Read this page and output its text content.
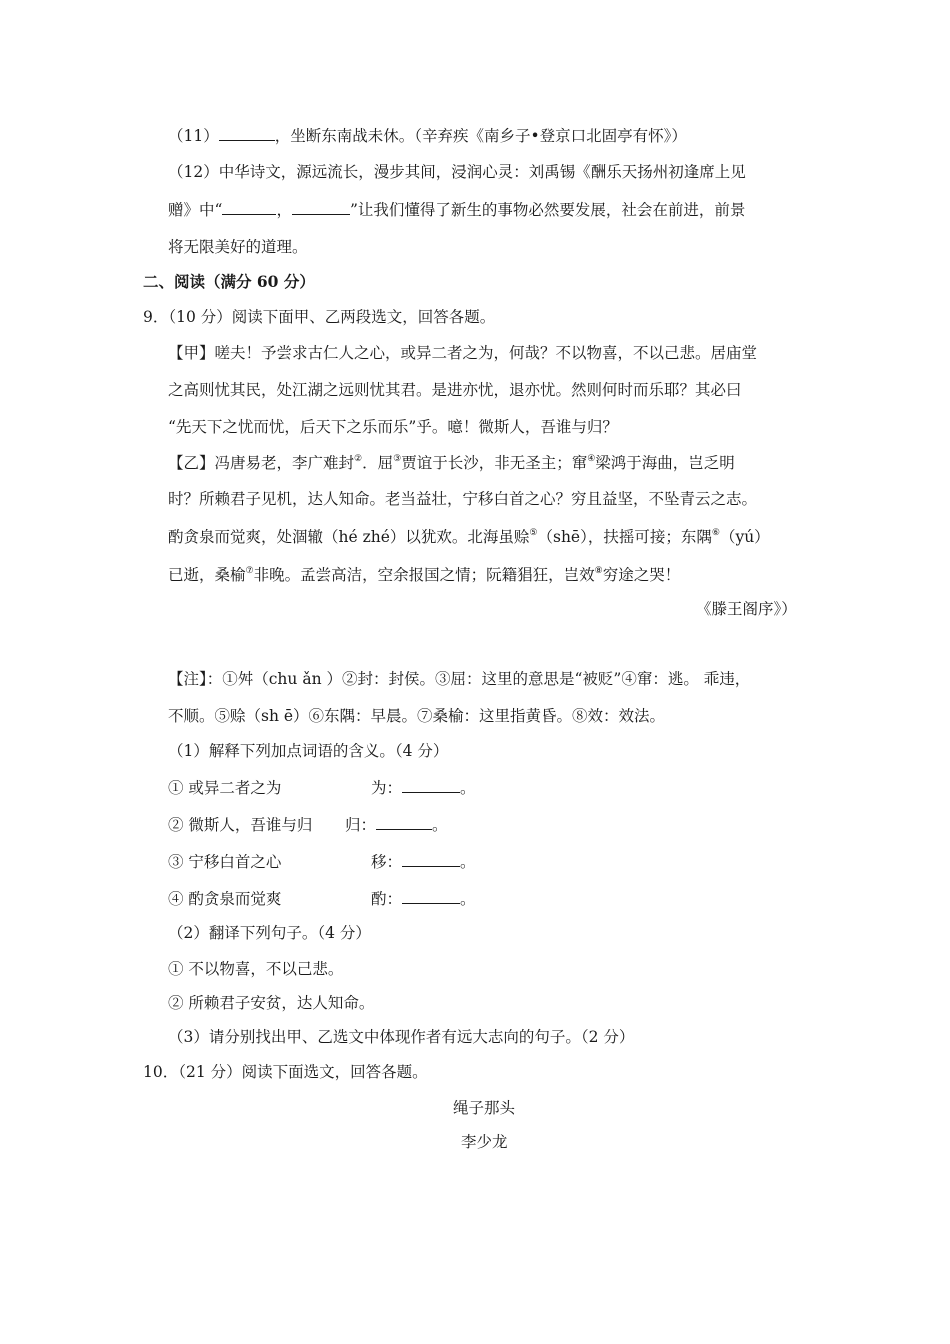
（11）	，坐断东南战未休。（辛弃疾《南乡子•登京口北固亭有怀》）
（12）中华诗文，源远流长，漫步其间，浸润心灵：刘禹锡《酬乐天扬州初逢席上见
赠》中“	，	”让我们懂得了新生的事物必然要发展，社会在前进，前景
将无限美好的道理。
二、阅读（满分 60 分）
9．（10 分）阅读下面甲、乙两段选文，回答各题。
【甲】嗟夫！予尝求古仁人之心，或异二者之为，何哉？不以物喜，不以己悲。居庙堂
之高则忧其民，处江湖之远则忧其君。是进亦忧，退亦忧。然则何时而乐耶？其必曰
“先天下之忧而忧，后天下之乐而乐”乎。噫！微斯人，吾谁与归？
【乙】冯唐易老，李广难封②．屈③贾谊于长沙，非无圣主；窜④梁鸿于海曲，岂乏明
时？所赖君子见机，达人知命。老当益壮，宁移白首之心？穷且益坚，不坠青云之志。
酌贪泉而觉爽，处涸辙（hé zhé）以犹欢。北海虽赊⑤（shē），扶摇可接；东隅⑥（yú）
已逝，桑榆⑦非晚。孟尝高洁，空余报国之情；阮籍猖狂，岂效⑧穷途之哭！
《滕王阁序》）
【注】：①舛（chu ǎn ）②封：封侯。③屈：这里的意思是“被贬”④窜：逃。 乖违，
不顺。⑤赊（sh ē）⑥东隅：早晨。⑦桑榆：这里指黄昏。⑧效：效法。
（1）解释下列加点词语的含义。（4 分）
① 或异二者之为	为：	。
② 微斯人，吾谁与归 归：	。
③ 宁移白首之心	移：	。
④ 酌贪泉而觉爽	酌：	。
（2）翻译下列句子。（4 分）
① 不以物喜，不以己悲。
② 所赖君子安贫，达人知命。
（3）请分别找出甲、乙选文中体现作者有远大志向的句子。（2 分）
10．（21 分）阅读下面选文，回答各题。
绳子那头
李少龙
